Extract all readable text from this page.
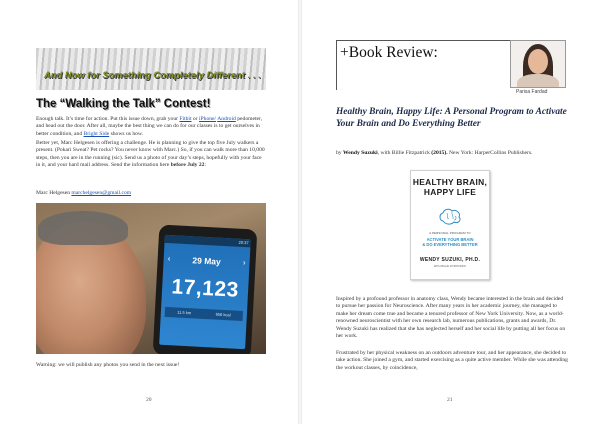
And Now for Something Completely Different . . .
The “Walking the Talk” Contest!
Enough talk. It’s time for action. Put this issue down, grab your Fitbit or iPhone/ Android pedometer, and head out the door. After all, maybe the best thing we can do for our classes is to get ourselves in better condition, and Bright Side shows us how.
Better yet, Marc Helgesen is offering a challenge. He is planning to give the top five July walkers a present. (Pokari Sweat? Pet rocks? You never know with Marc.) So, if you can walk more than 10,000 steps, then you are in the running (sic). Send us a photo of your day’s steps, hopefully with your face in it, and your hard mail address. Send the information here before July 22:
Marc Helgesen marchelgesen@gmail.com
20:37
‹	29 May	›
17,123
11.5 km	656 kcal
Warning: we will publish any photos you send in the next issue!
20
+Book Review:
Parisa Fardad
Healthy Brain, Happy Life: A Personal Program to Activate Your Brain and Do Everything Better
by Wendy Suzuki, with Billie Fitzpatrick (2015). New York: HarperCollins Publishers.
HEALTHY BRAIN,
HAPPY LIFE
A PERSONAL PROGRAM TO
ACTIVATE YOUR BRAIN
& DO EVERYTHING BETTER
WENDY SUZUKI, PH.D.
WITH BILLIE FITZPATRICK
Inspired by a profound professor in anatomy class, Wendy became interested in the brain and decided to pursue her passion for Neuroscience. After many years in her academic journey, she managed to make her dream come true and became a tenured professor of New York University. Now, as a world-renowned neuroscientist with her own research lab, numerous publications, grants and awards, Dr. Wendy Suzuki has realized that she has neglected herself and her social life by putting all her focus on her work.
Frustrated by her physical weakness on an outdoors adventure tour, and her appearance, she decided to take action. She joined a gym, and started exercising as a quite active member. While she was attending the workout classes, by coincidence,
21
